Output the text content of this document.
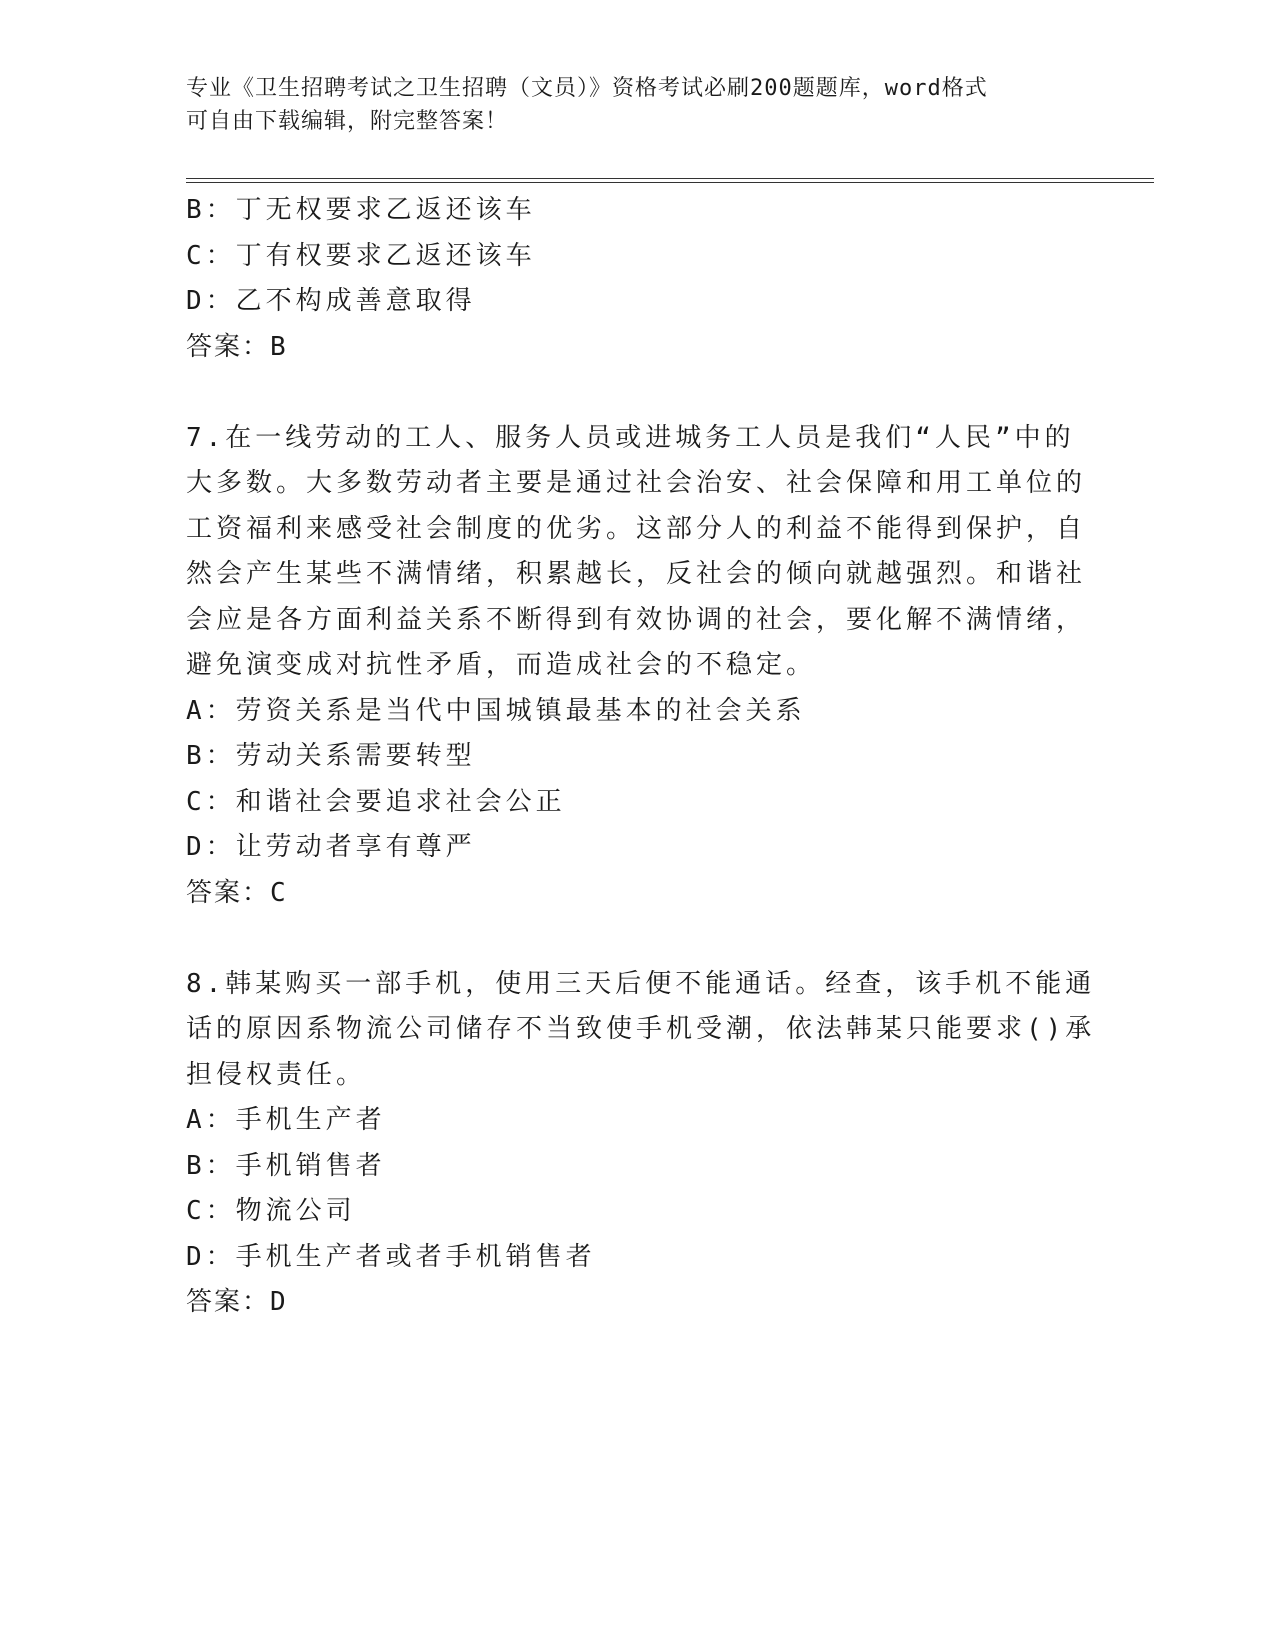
专业《卫生招聘考试之卫生招聘（文员）》资格考试必刷200题题库，word格式
可自由下载编辑，附完整答案！
B：丁无权要求乙返还该车
C：丁有权要求乙返还该车
D：乙不构成善意取得
答案：B
7.在一线劳动的工人、服务人员或进城务工人员是我们“人民”中的
大多数。大多数劳动者主要是通过社会治安、社会保障和用工单位的
工资福利来感受社会制度的优劣。这部分人的利益不能得到保护，自
然会产生某些不满情绪，积累越长，反社会的倾向就越强烈。和谐社
会应是各方面利益关系不断得到有效协调的社会，要化解不满情绪，
避免演变成对抗性矛盾，而造成社会的不稳定。
A：劳资关系是当代中国城镇最基本的社会关系
B：劳动关系需要转型
C：和谐社会要追求社会公正
D：让劳动者享有尊严
答案：C
8.韩某购买一部手机，使用三天后便不能通话。经查，该手机不能通
话的原因系物流公司储存不当致使手机受潮，依法韩某只能要求()承
担侵权责任。
A：手机生产者
B：手机销售者
C：物流公司
D：手机生产者或者手机销售者
答案：D
